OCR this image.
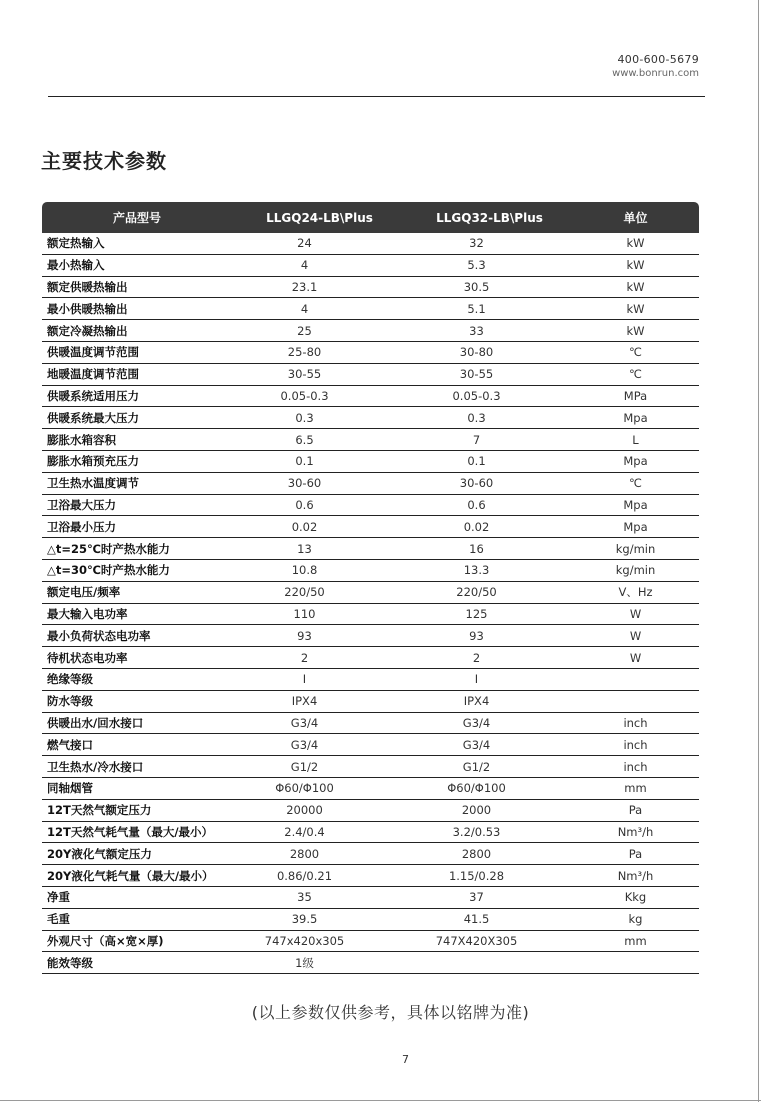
400-600-5679
www.bonrun.com
主要技术参数
产品型号	LLGQ24-LB\Plus	LLGQ32-LB\Plus	单位
额定热输入	24	32	kW
最小热输入	4	5.3	kW
额定供暖热输出	23.1	30.5	kW
最小供暖热输出	4	5.1	kW
额定冷凝热输出	25	33	kW
供暖温度调节范围	25-80	30-80	℃
地暖温度调节范围	30-55	30-55	℃
供暖系统适用压力	0.05-0.3	0.05-0.3	MPa
供暖系统最大压力	0.3	0.3	Mpa
膨胀水箱容积	6.5	7	L
膨胀水箱预充压力	0.1	0.1	Mpa
卫生热水温度调节	30-60	30-60	℃
卫浴最大压力	0.6	0.6	Mpa
卫浴最小压力	0.02	0.02	Mpa
△t=25℃时产热水能力	13	16	kg/min
△t=30℃时产热水能力	10.8	13.3	kg/min
额定电压/频率	220/50	220/50	V、Hz
最大输入电功率	110	125	W
最小负荷状态电功率	93	93	W
待机状态电功率	2	2	W
绝缘等级	I	I	
防水等级	IPX4	IPX4	
供暖出水/回水接口	G3/4	G3/4	inch
燃气接口	G3/4	G3/4	inch
卫生热水/冷水接口	G1/2	G1/2	inch
同轴烟管	Φ60/Φ100	Φ60/Φ100	mm
12T天然气额定压力	20000	2000	Pa
12T天然气耗气量（最大/最小）	2.4/0.4	3.2/0.53	Nm³/h
20Y液化气额定压力	2800	2800	Pa
20Y液化气耗气量（最大/最小）	0.86/0.21	1.15/0.28	Nm³/h
净重	35	37	Kkg
毛重	39.5	41.5	kg
外观尺寸（高×宽×厚)	747x420x305	747X420X305	mm
能效等级	1级		
(以上参数仅供参考，具体以铭牌为准)
7
